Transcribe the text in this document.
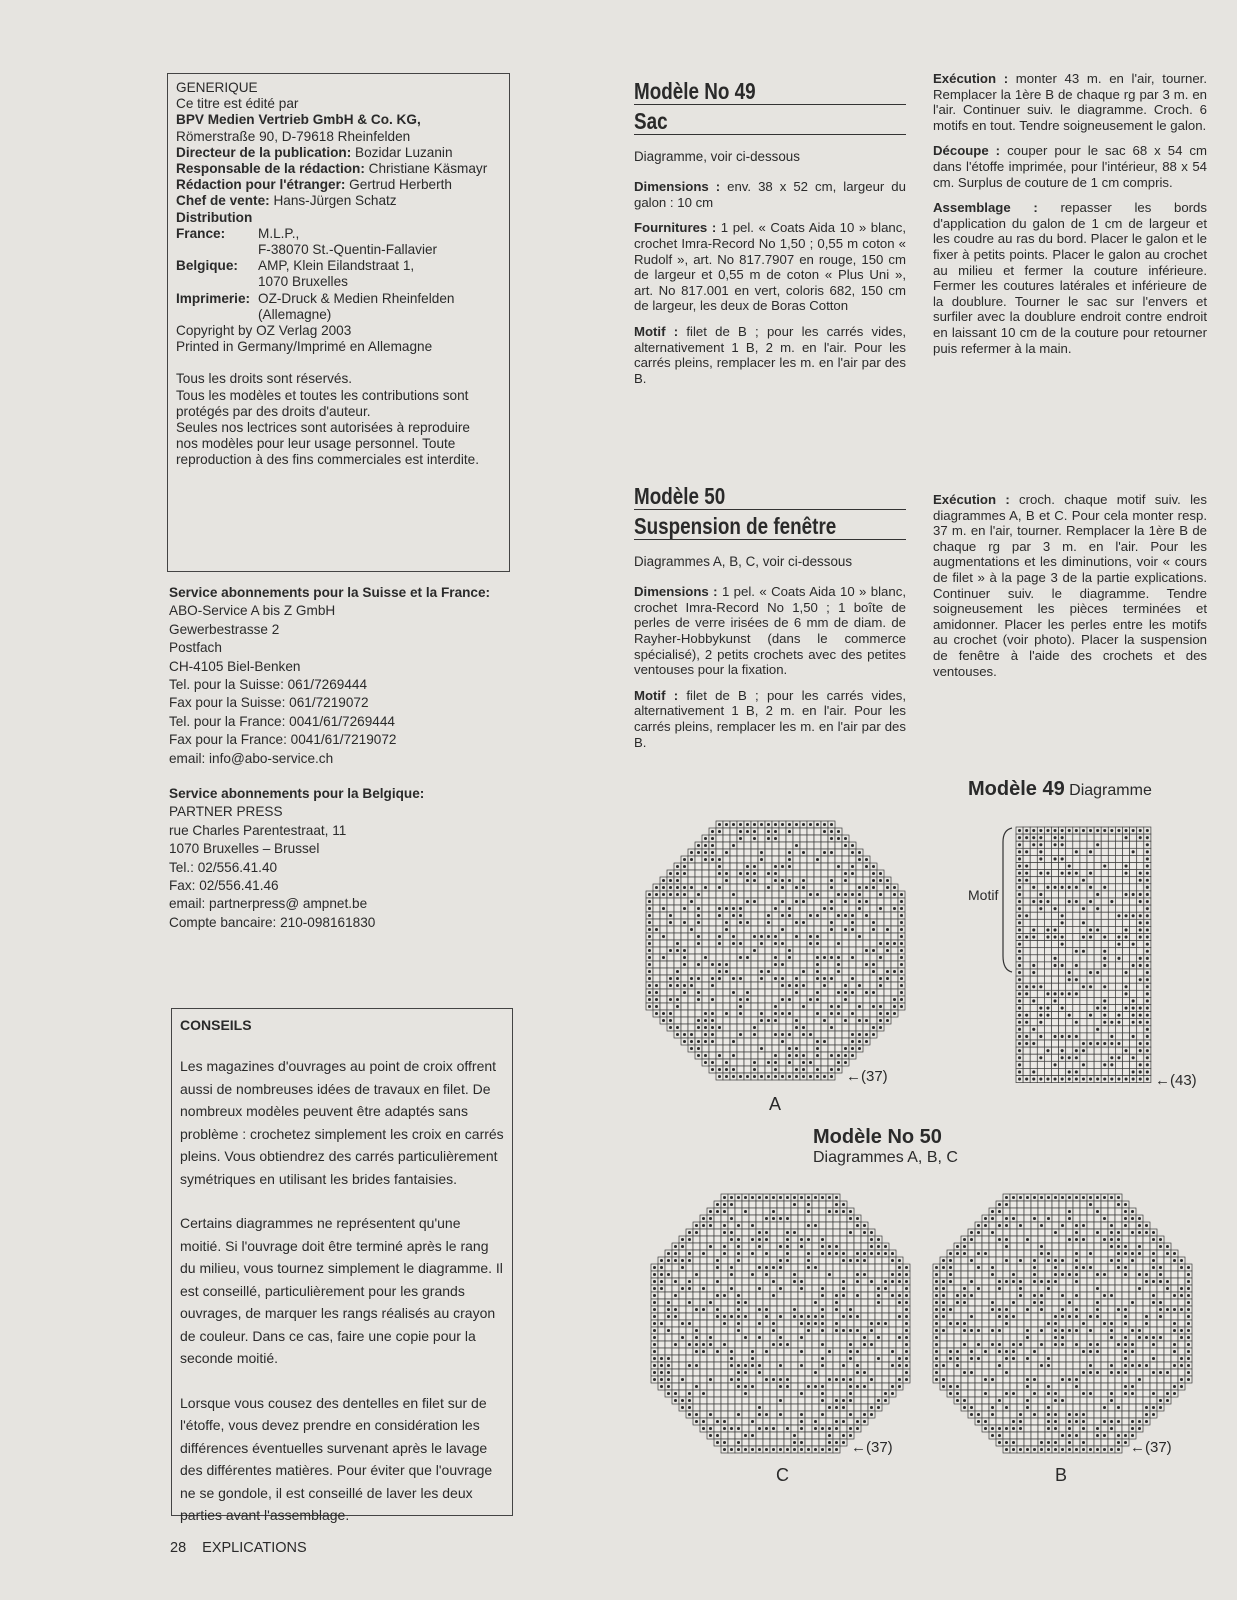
GENERIQUE
Ce titre est édité par
BPV Medien Vertrieb GmbH & Co. KG,
Römerstraße 90, D-79618 Rheinfelden
Directeur de la publication: Bozidar Luzanin
Responsable de la rédaction: Christiane Käsmayr
Rédaction pour l'étranger: Gertrud Herberth
Chef de vente: Hans-Jürgen Schatz
Distribution
France: M.L.P.,
F-38070 St.-Quentin-Fallavier
Belgique: AMP, Klein Eilandstraat 1,
1070 Bruxelles
Imprimerie: OZ-Druck & Medien Rheinfelden
(Allemagne)
Copyright by OZ Verlag 2003
Printed in Germany/Imprimé en Allemagne
Tous les droits sont réservés.
Tous les modèles et toutes les contributions sont
protégés par des droits d'auteur.
Seules nos lectrices sont autorisées à reproduire
nos modèles pour leur usage personnel. Toute
reproduction à des fins commerciales est interdite.
Service abonnements pour la Suisse et la France:
ABO-Service A bis Z GmbH
Gewerbestrasse 2
Postfach
CH-4105 Biel-Benken
Tel. pour la Suisse: 061/7269444
Fax pour la Suisse: 061/7219072
Tel. pour la France: 0041/61/7269444
Fax pour la France: 0041/61/7219072
email: info@abo-service.ch
Service abonnements pour la Belgique:
PARTNER PRESS
rue Charles Parentestraat, 11
1070 Bruxelles – Brussel
Tel.: 02/556.41.40
Fax: 02/556.41.46
email: partnerpress@ ampnet.be
Compte bancaire: 210-098161830
CONSEILS

Les magazines d'ouvrages au point de croix offrent aussi de nombreuses idées de travaux en filet. De nombreux modèles peuvent être adaptés sans problème : crochetez simplement les croix en carrés pleins. Vous obtiendrez des carrés particulièrement symétriques en utilisant les brides fantaisies.

Certains diagrammes ne représentent qu'une moitié. Si l'ouvrage doit être terminé après le rang du milieu, vous tournez simplement le diagramme. Il est conseillé, particulièrement pour les grands ouvrages, de marquer les rangs réalisés au crayon de couleur. Dans ce cas, faire une copie pour la seconde moitié.

Lorsque vous cousez des dentelles en filet sur de l'étoffe, vous devez prendre en considération les différences éventuelles survenant après le lavage des différentes matières. Pour éviter que l'ouvrage ne se gondole, il est conseillé de laver les deux parties avant l'assemblage.

28 EXPLICATIONS
Modèle No 49
Sac
Diagramme, voir ci-dessous

Dimensions : env. 38 x 52 cm, largeur du galon : 10 cm

Fournitures : 1 pel. « Coats Aida 10 » blanc, crochet Imra-Record No 1,50 ; 0,55 m coton « Rudolf », art. No 817.7907 en rouge, 150 cm de largeur et 0,55 m de coton « Plus Uni », art. No 817.001 en vert, coloris 682, 150 cm de largeur, les deux de Boras Cotton

Motif : filet de B ; pour les carrés vides, alternativement 1 B, 2 m. en l'air. Pour les carrés pleins, remplacer les m. en l'air par des B.

Exécution : monter 43 m. en l'air, tourner. Remplacer la 1ère B de chaque rg par 3 m. en l'air. Continuer suiv. le diagramme. Croch. 6 motifs en tout. Tendre soigneusement le galon.

Découpe : couper pour le sac 68 x 54 cm dans l'étoffe imprimée, pour l'intérieur, 88 x 54 cm. Surplus de couture de 1 cm compris.

Assemblage : repasser les bords d'application du galon de 1 cm de largeur et les coudre au ras du bord. Placer le galon et le fixer à petits points. Placer le galon au crochet au milieu et fermer la couture inférieure. Fermer les coutures latérales et inférieure de la doublure. Tourner le sac sur l'envers et surfiler avec la doublure endroit contre endroit en laissant 10 cm de la couture pour retourner puis refermer à la main.

Modèle 50
Suspension de fenêtre
Diagrammes A, B, C, voir ci-dessous

Dimensions : 1 pel. « Coats Aida 10 » blanc, crochet Imra-Record No 1,50 ; 1 boîte de perles de verre irisées de 6 mm de diam. de Rayher-Hobbykunst (dans le commerce spécialisé), 2 petits crochets avec des petites ventouses pour la fixation.

Motif : filet de B ; pour les carrés vides, alternativement 1 B, 2 m. en l'air. Pour les carrés pleins, remplacer les m. en l'air par des B.

Exécution : croch. chaque motif suiv. les diagrammes A, B et C. Pour cela monter resp. 37 m. en l'air, tourner. Remplacer la 1ère B de chaque rg par 3 m. en l'air. Pour les augmentations et les diminutions, voir « cours de filet » à la page 3 de la partie explications. Continuer suiv. le diagramme. Tendre soigneusement les pièces terminées et amidonner. Placer les perles entre les motifs au crochet (voir photo). Placer la suspension de fenêtre à l'aide des crochets et des ventouses.

Modèle 49 Diagramme
Motif
←(43)
Modèle No 50
Diagrammes A, B, C
←(37)
A
←(37)
C
←(37)
B
